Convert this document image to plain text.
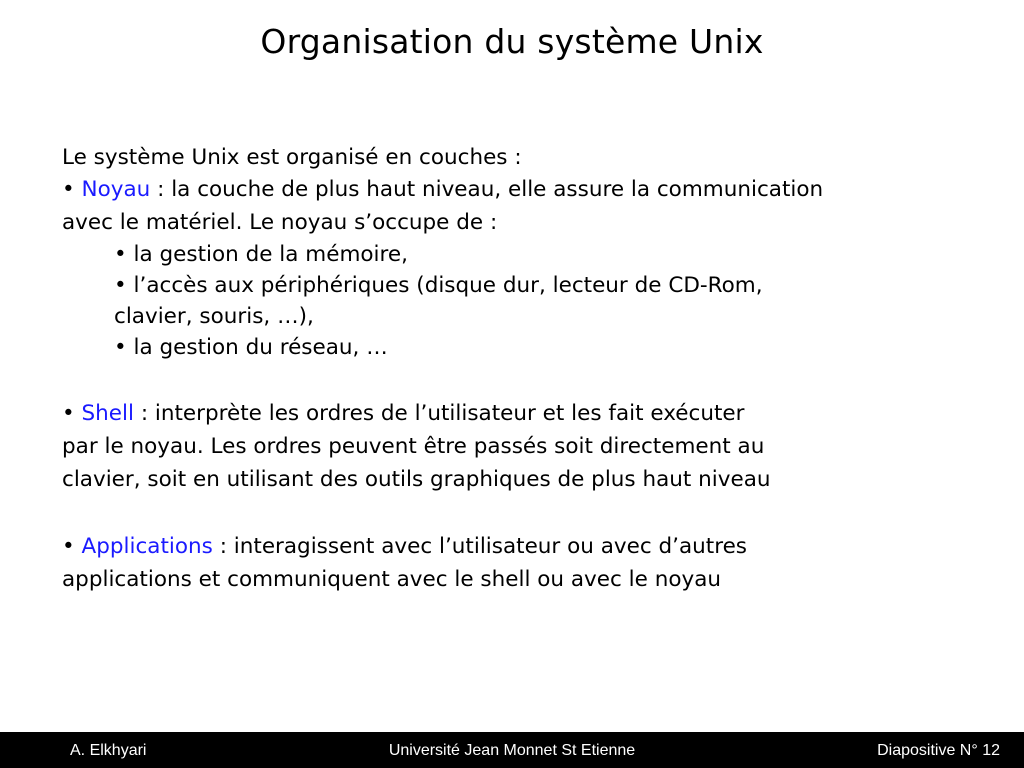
Organisation du système Unix

Le système Unix est organisé en couches :

• Noyau : la couche de plus haut niveau, elle assure la communication

avec le matériel. Le noyau s’occupe de :

• la gestion de la mémoire,

• l’accès aux périphériques (disque dur, lecteur de CD-Rom,

clavier, souris, …),

• la gestion du réseau, …

• Shell : interprète les ordres de l’utilisateur et les fait exécuter

par le noyau. Les ordres peuvent être passés soit directement au

clavier, soit en utilisant des outils graphiques de plus haut niveau

• Applications : interagissent avec l’utilisateur ou avec d’autres

applications et communiquent avec le shell ou avec le noyau

A. Elkhyari	Université Jean Monnet St Etienne	Diapositive N° 12
